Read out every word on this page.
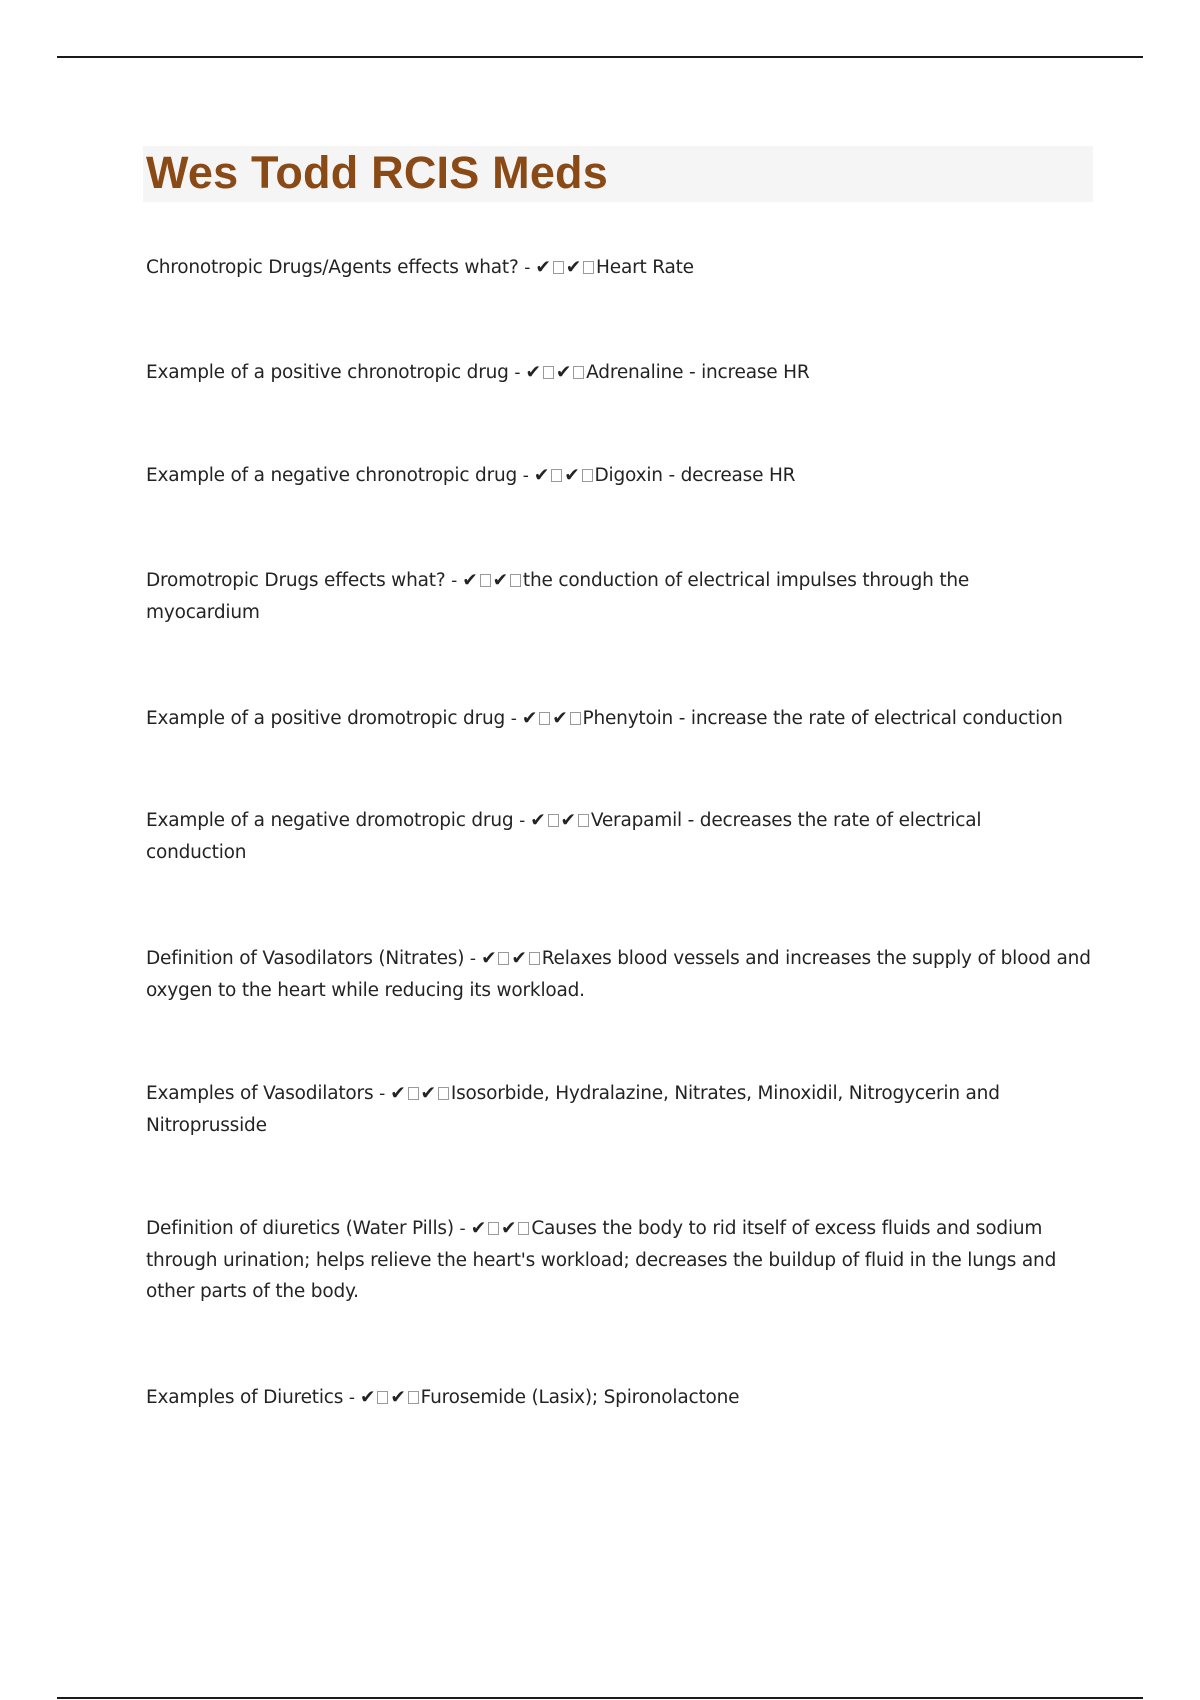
Wes Todd RCIS Meds

Chronotropic Drugs/Agents effects what? - ✔ ✔ Heart Rate

Example of a positive chronotropic drug - ✔ ✔ Adrenaline - increase HR

Example of a negative chronotropic drug - ✔ ✔ Digoxin - decrease HR

Dromotropic Drugs effects what? - ✔ ✔ the conduction of electrical impulses through the myocardium

Example of a positive dromotropic drug - ✔ ✔ Phenytoin - increase the rate of electrical conduction

Example of a negative dromotropic drug - ✔ ✔ Verapamil - decreases the rate of electrical conduction

Definition of Vasodilators (Nitrates) - ✔ ✔ Relaxes blood vessels and increases the supply of blood and oxygen to the heart while reducing its workload.

Examples of Vasodilators - ✔ ✔ Isosorbide, Hydralazine, Nitrates, Minoxidil, Nitrogycerin and Nitroprusside

Definition of diuretics (Water Pills) - ✔ ✔ Causes the body to rid itself of excess fluids and sodium through urination; helps relieve the heart's workload; decreases the buildup of fluid in the lungs and other parts of the body.

Examples of Diuretics - ✔ ✔ Furosemide (Lasix); Spironolactone
